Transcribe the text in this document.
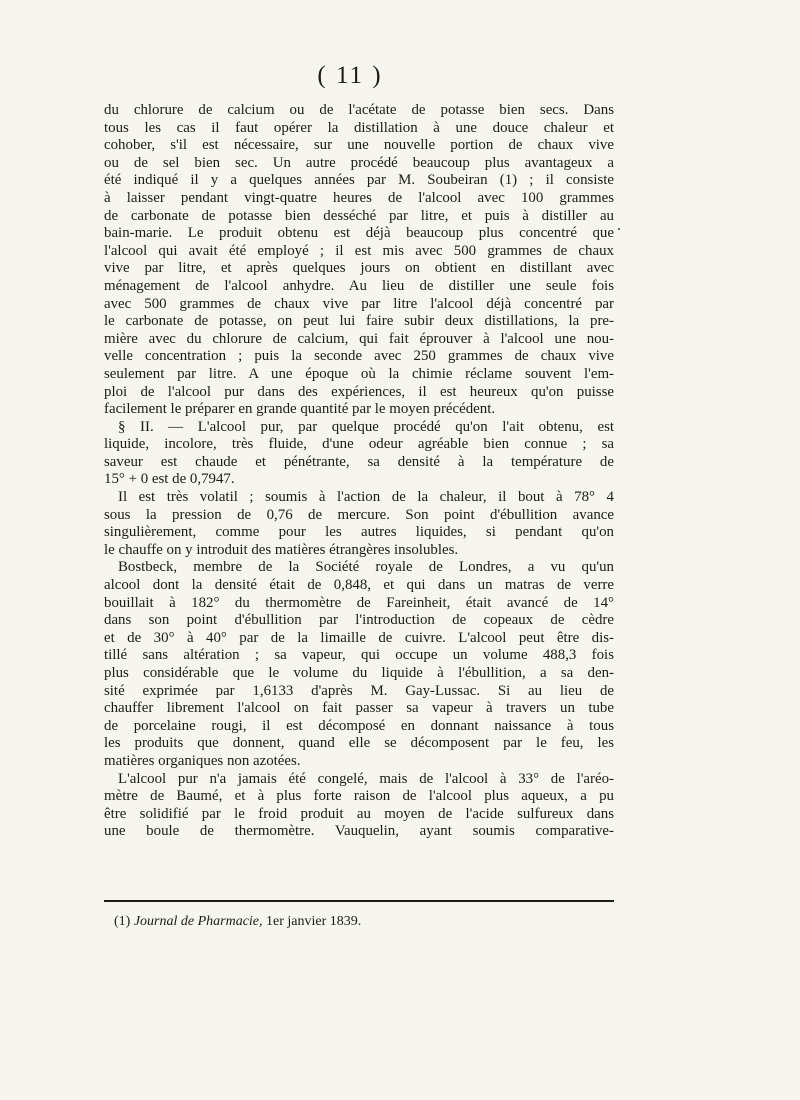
( 11 )
du chlorure de calcium ou de l'acétate de potasse bien secs. Dans
tous les cas il faut opérer la distillation à une douce chaleur et
cohober, s'il est nécessaire, sur une nouvelle portion de chaux vive
ou de sel bien sec. Un autre procédé beaucoup plus avantageux a
été indiqué il y a quelques années par M. Soubeiran (1) ; il consiste
à laisser pendant vingt-quatre heures de l'alcool avec 100 grammes
de carbonate de potasse bien desséché par litre, et puis à distiller au
bain-marie. Le produit obtenu est déjà beaucoup plus concentré que
l'alcool qui avait été employé ; il est mis avec 500 grammes de chaux
vive par litre, et après quelques jours on obtient en distillant avec
ménagement de l'alcool anhydre. Au lieu de distiller une seule fois
avec 500 grammes de chaux vive par litre l'alcool déjà concentré par
le carbonate de potasse, on peut lui faire subir deux distillations, la pre-
mière avec du chlorure de calcium, qui fait éprouver à l'alcool une nou-
velle concentration ; puis la seconde avec 250 grammes de chaux vive
seulement par litre. A une époque où la chimie réclame souvent l'em-
ploi de l'alcool pur dans des expériences, il est heureux qu'on puisse
facilement le préparer en grande quantité par le moyen précédent.
§ II. — L'alcool pur, par quelque procédé qu'on l'ait obtenu, est
liquide, incolore, très fluide, d'une odeur agréable bien connue ; sa
saveur est chaude et pénétrante, sa densité à la température de
15° + 0 est de 0,7947.
Il est très volatil ; soumis à l'action de la chaleur, il bout à 78° 4
sous la pression de 0,76 de mercure. Son point d'ébullition avance
singulièrement, comme pour les autres liquides, si pendant qu'on
le chauffe on y introduit des matières étrangères insolubles.
Bostbeck, membre de la Société royale de Londres, a vu qu'un
alcool dont la densité était de 0,848, et qui dans un matras de verre
bouillait à 182° du thermomètre de Fareinheit, était avancé de 14°
dans son point d'ébullition par l'introduction de copeaux de cèdre
et de 30° à 40° par de la limaille de cuivre. L'alcool peut être dis-
tillé sans altération ; sa vapeur, qui occupe un volume 488,3 fois
plus considérable que le volume du liquide à l'ébullition, a sa den-
sité exprimée par 1,6133 d'après M. Gay-Lussac. Si au lieu de
chauffer librement l'alcool on fait passer sa vapeur à travers un tube
de porcelaine rougi, il est décomposé en donnant naissance à tous
les produits que donnent, quand elle se décomposent par le feu, les
matières organiques non azotées.
L'alcool pur n'a jamais été congelé, mais de l'alcool à 33° de l'aréo-
mètre de Baumé, et à plus forte raison de l'alcool plus aqueux, a pu
être solidifié par le froid produit au moyen de l'acide sulfureux dans
une boule de thermomètre. Vauquelin, ayant soumis comparative-
(1) Journal de Pharmacie, 1er janvier 1839.
